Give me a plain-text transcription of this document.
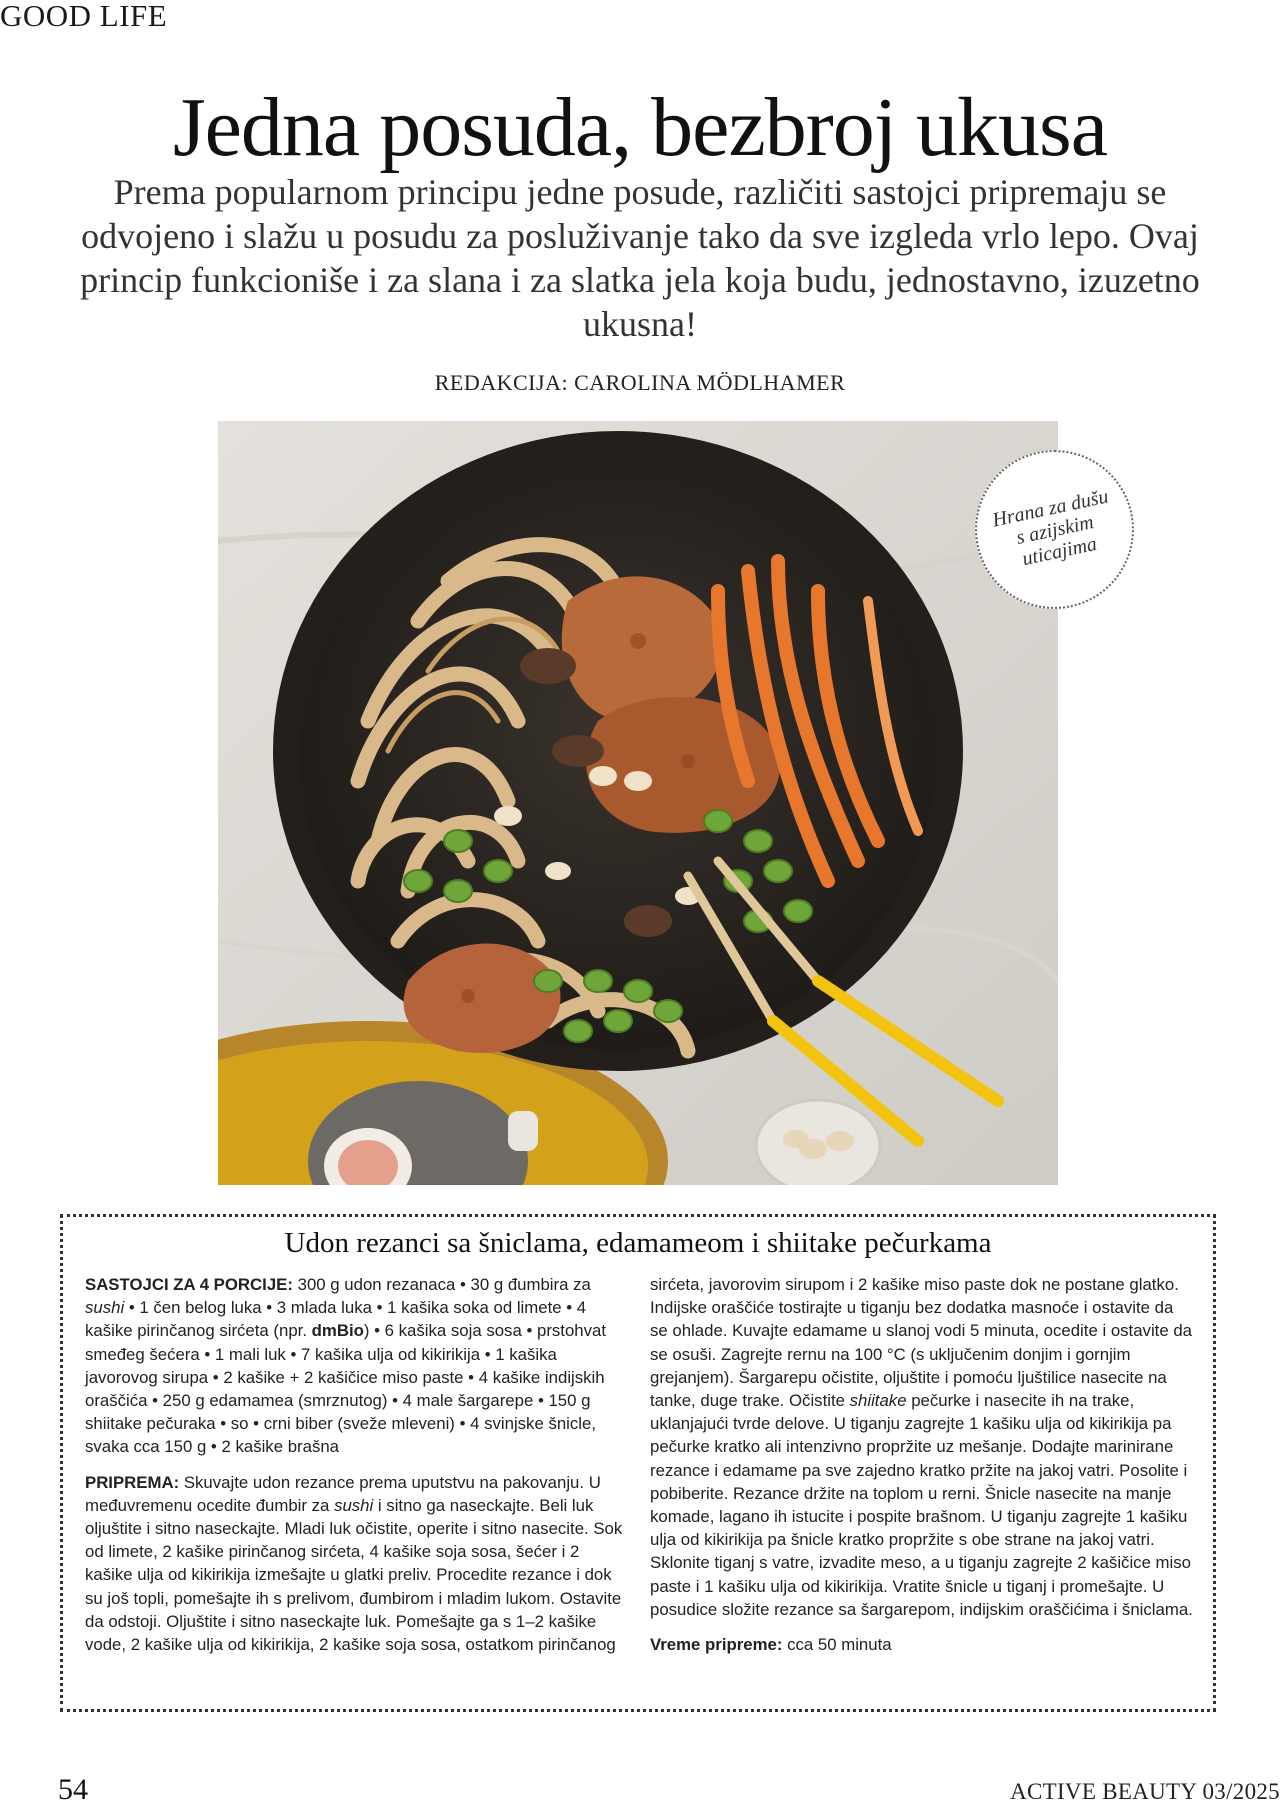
GOOD LIFE
Jedna posuda, bezbroj ukusa

Prema popularnom principu jedne posude, različiti sastojci pripremaju se odvojeno i slažu u posudu za posluživanje tako da sve izgleda vrlo lepo. Ovaj princip funkcioniše i za slana i za slatka jela koja budu, jednostavno, izuzetno ukusna!

REDAKCIJA: CAROLINA MÖDLHAMER
Hrana za dušu s azijskim uticajima
Udon rezanci sa šniclama, edamameom i shiitake pečurkama

SASTOJCI ZA 4 PORCIJE: 300 g udon rezanaca • 30 g đumbira za sushi • 1 čen belog luka • 3 mlada luka • 1 kašika soka od limete • 4 kašike pirinčanog sirćeta (npr. dmBio) • 6 kašika soja sosa • prstohvat smeđeg šećera • 1 mali luk • 7 kašika ulja od kikirikija • 1 kašika javorovog sirupa • 2 kašike + 2 kašičice miso paste • 4 kašike indijskih oraščića • 250 g edamamea (smrznutog) • 4 male šargarepe • 150 g shiitake pečuraka • so • crni biber (sveže mleveni) • 4 svinjske šnicle, svaka cca 150 g • 2 kašike brašna

PRIPREMA: Skuvajte udon rezance prema uputstvu na pakovanju. U međuvremenu ocedite đumbir za sushi i sitno ga naseckajte. Beli luk oljuštite i sitno naseckajte. Mladi luk očistite, operite i sitno nasecite. Sok od limete, 2 kašike pirinčanog sirćeta, 4 kašike soja sosa, šećer i 2 kašike ulja od kikirikija izmešajte u glatki preliv. Procedite rezance i dok su još topli, pomešajte ih s prelivom, đumbirom i mladim lukom. Ostavite da odstoji. Oljuštite i sitno naseckajte luk. Pomešajte ga s 1–2 kašike vode, 2 kašike ulja od kikirikija, 2 kašike soja sosa, ostatkom pirinčanog

sirćeta, javorovim sirupom i 2 kašike miso paste dok ne postane glatko. Indijske oraščiće tostirajte u tiganju bez dodatka masnoće i ostavite da se ohlade. Kuvajte edamame u slanoj vodi 5 minuta, ocedite i ostavite da se osuši. Zagrejte rernu na 100 °C (s uključenim donjim i gornjim grejanjem). Šargarepu očistite, oljuštite i pomoću ljuštilice nasecite na tanke, duge trake. Očistite shiitake pečurke i nasecite ih na trake, uklanjajući tvrde delove. U tiganju zagrejte 1 kašiku ulja od kikirikija pa pečurke kratko ali intenzivno propržite uz mešanje. Dodajte marinirane rezance i edamame pa sve zajedno kratko pržite na jakoj vatri. Posolite i pobiberite. Rezance držite na toplom u rerni. Šnicle nasecite na manje komade, lagano ih istucite i pospite brašnom. U tiganju zagrejte 1 kašiku ulja od kikirikija pa šnicle kratko propržite s obe strane na jakoj vatri. Sklonite tiganj s vatre, izvadite meso, a u tiganju zagrejte 2 kašičice miso paste i 1 kašiku ulja od kikirikija. Vratite šnicle u tiganj i promešajte. U posudice složite rezance sa šargarepom, indijskim oraščićima i šniclama.

Vreme pripreme: cca 50 minuta

54	ACTIVE BEAUTY 03/2025
